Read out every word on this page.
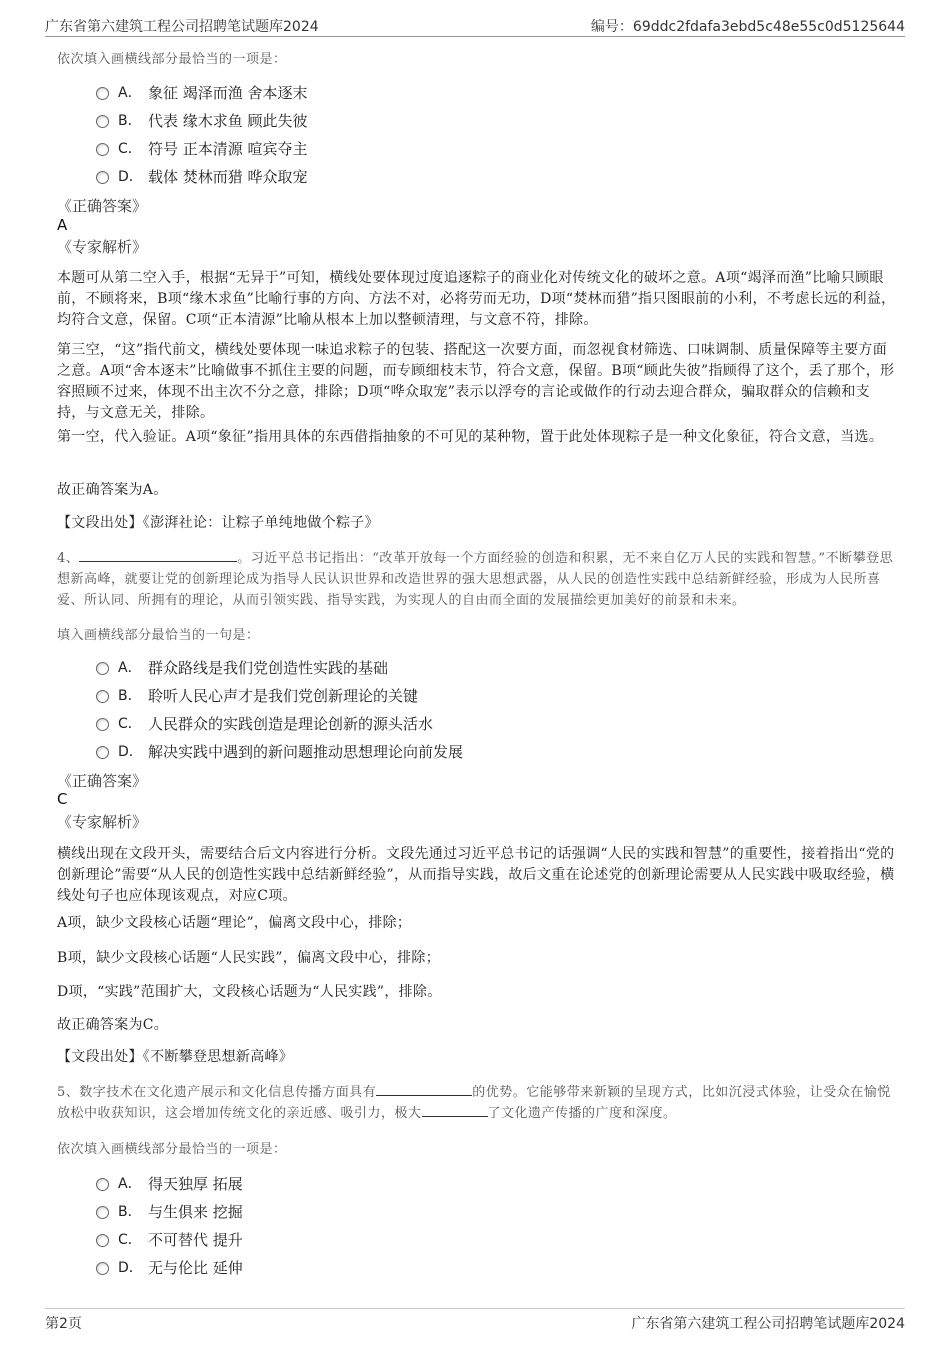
广东省第六建筑工程公司招聘笔试题库2024	编号：69ddc2fdafa3ebd5c48e55c0d5125644
依次填入画横线部分最恰当的一项是：
A． 象征 竭泽而渔 舍本逐末
B． 代表 缘木求鱼 顾此失彼
C． 符号 正本清源 喧宾夺主
D． 载体 焚林而猎 哗众取宠
《正确答案》
A
《专家解析》
本题可从第二空入手，根据“无异于”可知，横线处要体现过度追逐粽子的商业化对传统文化的破坏之意。A项“竭泽而渔”比喻只顾眼前，不顾将来，B项“缘木求鱼”比喻行事的方向、方法不对，必将劳而无功，D项“焚林而猎”指只图眼前的小利，不考虑长远的利益，均符合文意，保留。C项“正本清源”比喻从根本上加以整顿清理，与文意不符，排除。
第三空，“这”指代前文，横线处要体现一味追求粽子的包装、搭配这一次要方面，而忽视食材筛选、口味调制、质量保障等主要方面之意。A项“舍本逐末”比喻做事不抓住主要的问题，而专顾细枝末节，符合文意，保留。B项“顾此失彼”指顾得了这个，丢了那个，形容照顾不过来，体现不出主次不分之意，排除；D项“哗众取宠”表示以浮夸的言论或做作的行动去迎合群众，骗取群众的信赖和支持，与文意无关，排除。
第一空，代入验证。A项“象征”指用具体的东西借指抽象的不可见的某种物，置于此处体现粽子是一种文化象征，符合文意，当选。
故正确答案为A。
【文段出处】《澎湃社论：让粽子单纯地做个粽子》
4、	。习近平总书记指出：“改革开放每一个方面经验的创造和积累，无不来自亿万人民的实践和智慧。”不断攀登思想新高峰，就要让党的创新理论成为指导人民认识世界和改造世界的强大思想武器，从人民的创造性实践中总结新鲜经验，形成为人民所喜爱、所认同、所拥有的理论，从而引领实践、指导实践，为实现人的自由而全面的发展描绘更加美好的前景和未来。
填入画横线部分最恰当的一句是：
A． 群众路线是我们党创造性实践的基础
B． 聆听人民心声才是我们党创新理论的关键
C． 人民群众的实践创造是理论创新的源头活水
D． 解决实践中遇到的新问题推动思想理论向前发展
《正确答案》
C
《专家解析》
横线出现在文段开头，需要结合后文内容进行分析。文段先通过习近平总书记的话强调“人民的实践和智慧”的重要性，接着指出“党的创新理论”需要“从人民的创造性实践中总结新鲜经验”，从而指导实践，故后文重在论述党的创新理论需要从人民实践中吸取经验，横线处句子也应体现该观点，对应C项。
A项，缺少文段核心话题“理论”，偏离文段中心，排除；
B项，缺少文段核心话题“人民实践”，偏离文段中心，排除；
D项，“实践”范围扩大，文段核心话题为“人民实践”，排除。
故正确答案为C。
【文段出处】《不断攀登思想新高峰》
5、数字技术在文化遗产展示和文化信息传播方面具有	的优势。它能够带来新颖的呈现方式，比如沉浸式体验，让受众在愉悦
放松中收获知识，这会增加传统文化的亲近感、吸引力，极大	了文化遗产传播的广度和深度。
依次填入画横线部分最恰当的一项是：
A． 得天独厚 拓展
B． 与生俱来 挖掘
C． 不可替代 提升
D． 无与伦比 延伸
第2页	广东省第六建筑工程公司招聘笔试题库2024
